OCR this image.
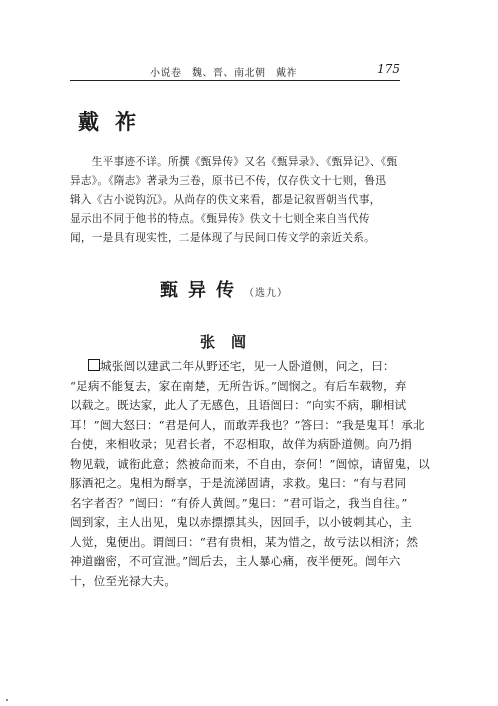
小说卷　魏、晋、南北朝　戴祚	175
戴祚
　　生平事迹不详。所撰《甄异传》又名《甄异录》、《甄异记》、《甄
异志》。《隋志》著录为三卷，原书已不传，仅存佚文十七则，鲁迅
辑入《古小说钩沉》。从尚存的佚文来看，都是记叙晋朝当代事，
显示出不同于他书的特点。《甄异传》佚文十七则全来自当代传
闻，一是具有现实性，二是体现了与民间口传文学的亲近关系。
甄异传（选九）
张闿
城张闿以建武二年从野还宅，见一人卧道侧，问之，曰：
“足病不能复去，家在南楚，无所告诉。”闿悯之。有后车载物，弃
以载之。既达家，此人了无感色，且语闿曰：“向实不病，聊相试
耳！”闿大怒曰：“君是何人，而敢弄我也？”答曰：“我是鬼耳！承北
台使，来相收录；见君长者，不忍相取，故佯为病卧道侧。向乃捐
物见载，诚衔此意；然被命而来，不自由，奈何！”闿惊，请留鬼，以
豚酒祀之。鬼相为酹享，于是流涕固请，求救。鬼曰：“有与君同
名字者否？”闿曰：“有侨人黄闿。”鬼曰：“君可诣之，我当自往。”
闿到家，主人出见，鬼以赤摽摽其头，因回手，以小铍刺其心，主
人觉，鬼便出。谓闿曰：“君有贵相，某为惜之，故亏法以相济；然
神道幽密，不可宣泄。”闿后去，主人暴心痛，夜半便死。闿年六
十，位至光禄大夫。
